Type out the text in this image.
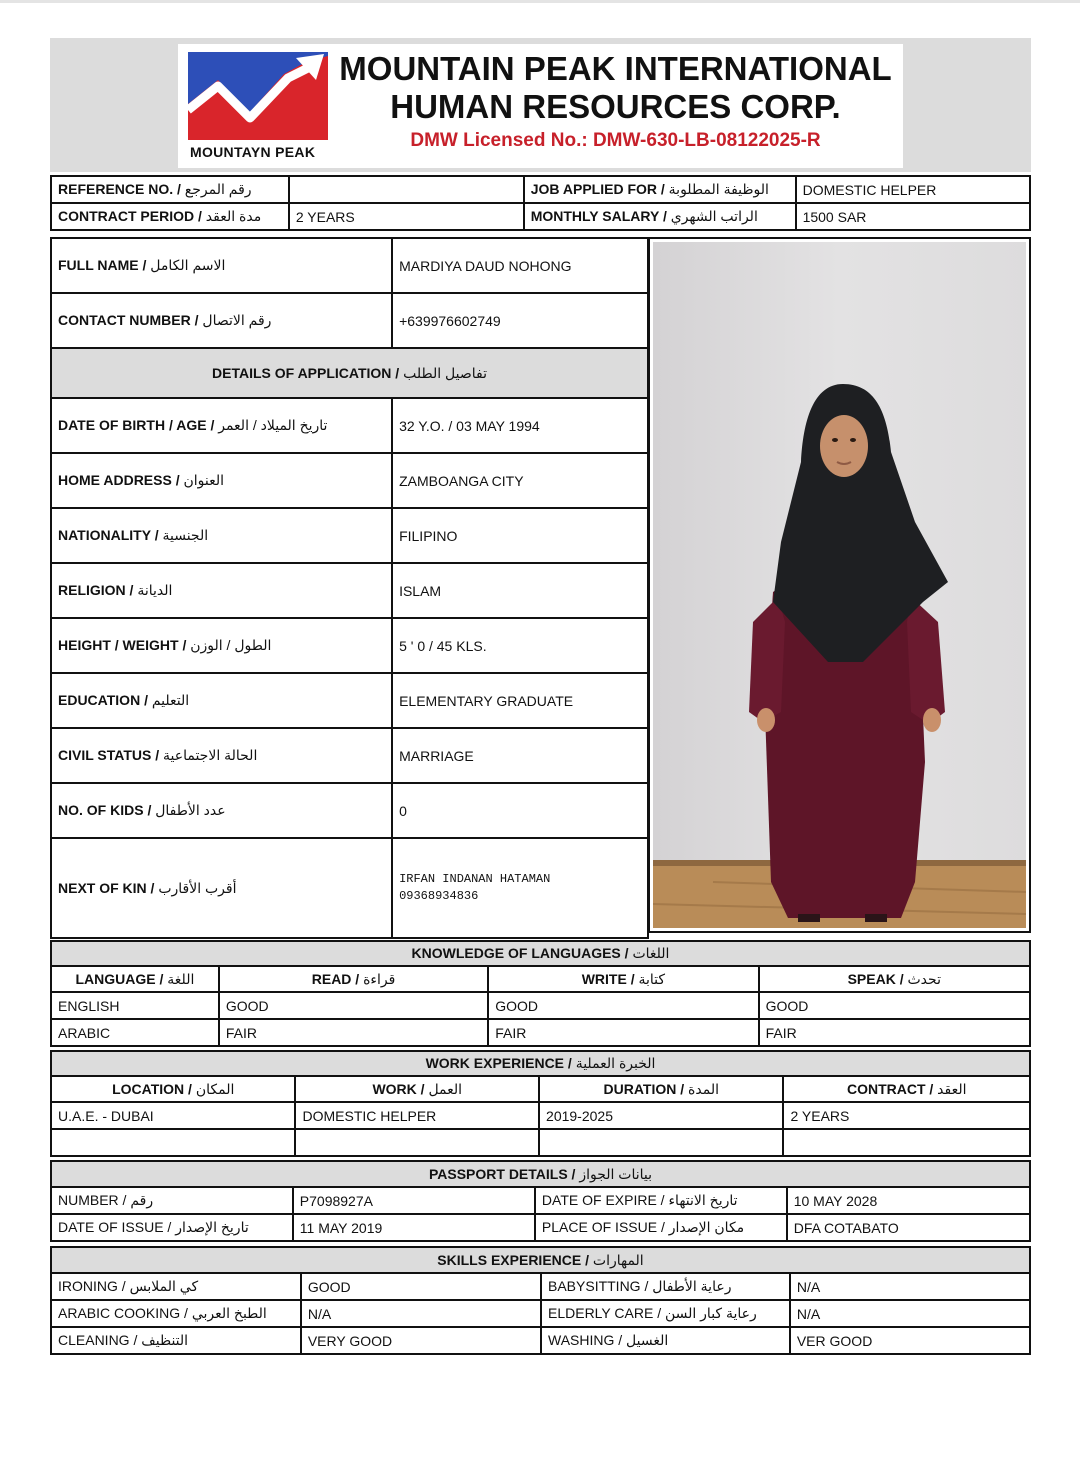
MOUNTAYN PEAK
MOUNTAIN PEAK INTERNATIONAL
HUMAN RESOURCES CORP.
DMW Licensed No.: DMW-630-LB-08122025-R
REFERENCE NO. / رقم المرجع		JOB APPLIED FOR / الوظيفة المطلوبة	DOMESTIC HELPER
CONTRACT PERIOD / مدة العقد	2 YEARS	MONTHLY SALARY / الراتب الشهري	1500 SAR
FULL NAME / الاسم الكامل	MARDIYA DAUD NOHONG
CONTACT NUMBER / رقم الاتصال	+639976602749
DETAILS OF APPLICATION / تفاصيل الطلب	
DATE OF BIRTH / AGE / تاريخ الميلاد / العمر	32 Y.O. / 03 MAY 1994
HOME ADDRESS / العنوان	ZAMBOANGA CITY
NATIONALITY / الجنسية	FILIPINO
RELIGION / الديانة	ISLAM
HEIGHT / WEIGHT / الطول / الوزن	5 ' 0 / 45 KLS.
EDUCATION / التعليم	ELEMENTARY GRADUATE
CIVIL STATUS / الحالة الاجتماعية	MARRIAGE
NO. OF KIDS / عدد الأطفال	0
NEXT OF KIN / أقرب الأقارب	IRFAN INDANAN HATAMAN
09368934836
KNOWLEDGE OF LANGUAGES / اللغات			
LANGUAGE / اللغة	READ / قراءة	WRITE / كتابة	SPEAK / تحدث
ENGLISH	GOOD	GOOD	GOOD
ARABIC	FAIR	FAIR	FAIR
WORK EXPERIENCE / الخبرة العملية			
LOCATION / المكان	WORK / العمل	DURATION / المدة	CONTRACT / العقد
U.A.E. - DUBAI	DOMESTIC HELPER	2019-2025	2 YEARS

PASSPORT DETAILS / بيانات الجواز			
NUMBER / رقم	P7098927A	DATE OF EXPIRE / تاريخ الانتهاء	10 MAY 2028
DATE OF ISSUE / تاريخ الإصدار	11 MAY 2019	PLACE OF ISSUE / مكان الإصدار	DFA COTABATO
SKILLS EXPERIENCE / المهارات			
IRONING / كي الملابس	GOOD	BABYSITTING / رعاية الأطفال	N/A
ARABIC COOKING / الطبخ العربي	N/A	ELDERLY CARE / رعاية كبار السن	N/A
CLEANING / التنظيف	VERY GOOD	WASHING / الغسيل	VER GOOD
